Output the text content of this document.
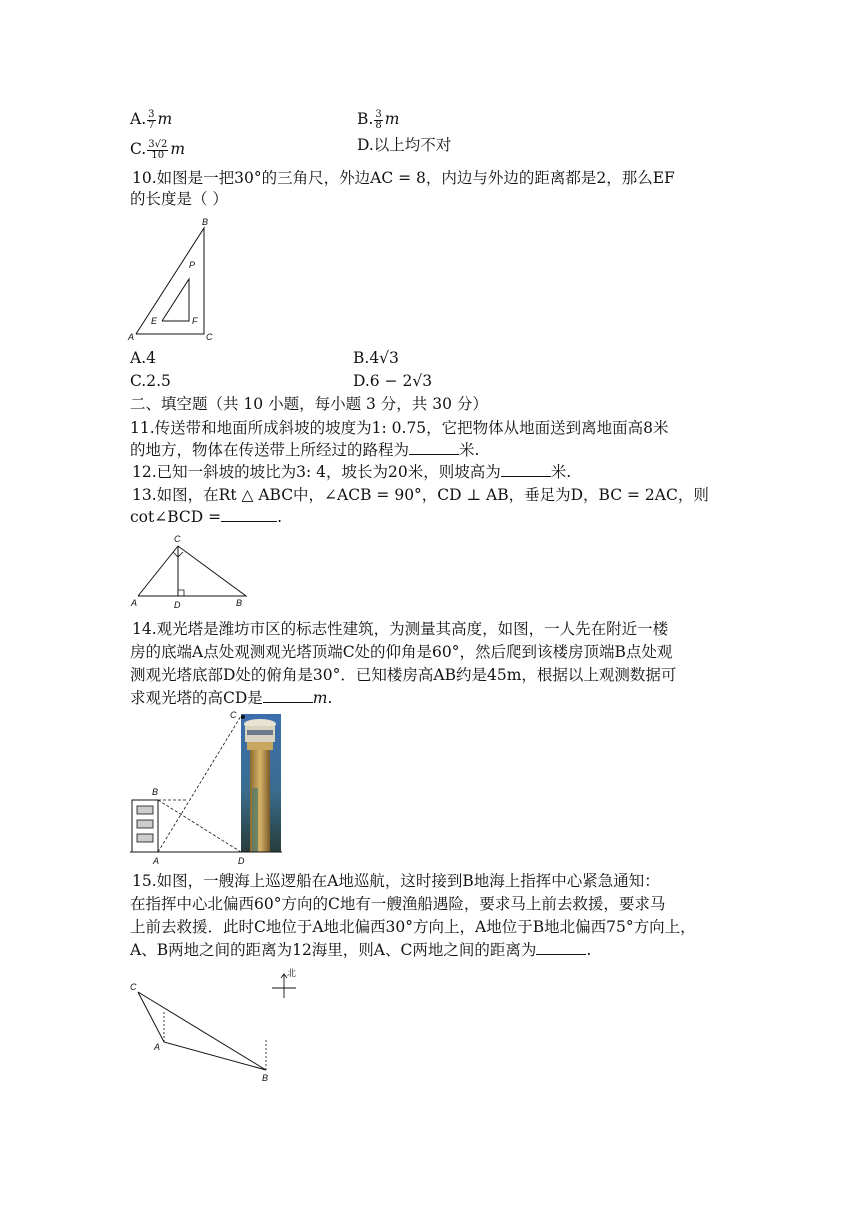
A. $\frac{3}{7}$ m	B. $\frac{3}{8}$ m
C. $\frac{3√2}{10}$ m	D.以上均不对
10.如图是一把30°的三角尺，外边AC = 8，内边与外边的距离都是2，那么EF
的长度是（ ）
B
P
E	F
A	C
A.4	B.4√3
C.2.5	D.6 − 2√3
二、填空题（共 10 小题，每小题 3 分，共 30 分）
11.传送带和地面所成斜坡的坡度为1: 0.75，它把物体从地面送到离地面高8米
的地方，物体在传送带上所经过的路程为	米.
12.已知一斜坡的坡比为3: 4，坡长为20米，则坡高为	米.
13.如图，在Rt △ ABC中，∠ACB = 90°，CD ⊥ AB，垂足为D，BC = 2AC，则
cot∠BCD =	.
C
A	D	B
14.观光塔是潍坊市区的标志性建筑，为测量其高度，如图，一人先在附近一楼
房的底端A点处观测观光塔顶端C处的仰角是60°，然后爬到该楼房顶端B点处观
测观光塔底部D处的俯角是30°．已知楼房高AB约是45m，根据以上观测数据可
求观光塔的高CD是	m.
C
B
A	D
15.如图，一艘海上巡逻船在A地巡航，这时接到B地海上指挥中心紧急通知：
在指挥中心北偏西60°方向的C地有一艘渔船遇险，要求马上前去救援，要求马
上前去救援．此时C地位于A地北偏西30°方向上，A地位于B地北偏西75°方向上，
A、B两地之间的距离为12海里，则A、C两地之间的距离为	.
北
C
A
B
